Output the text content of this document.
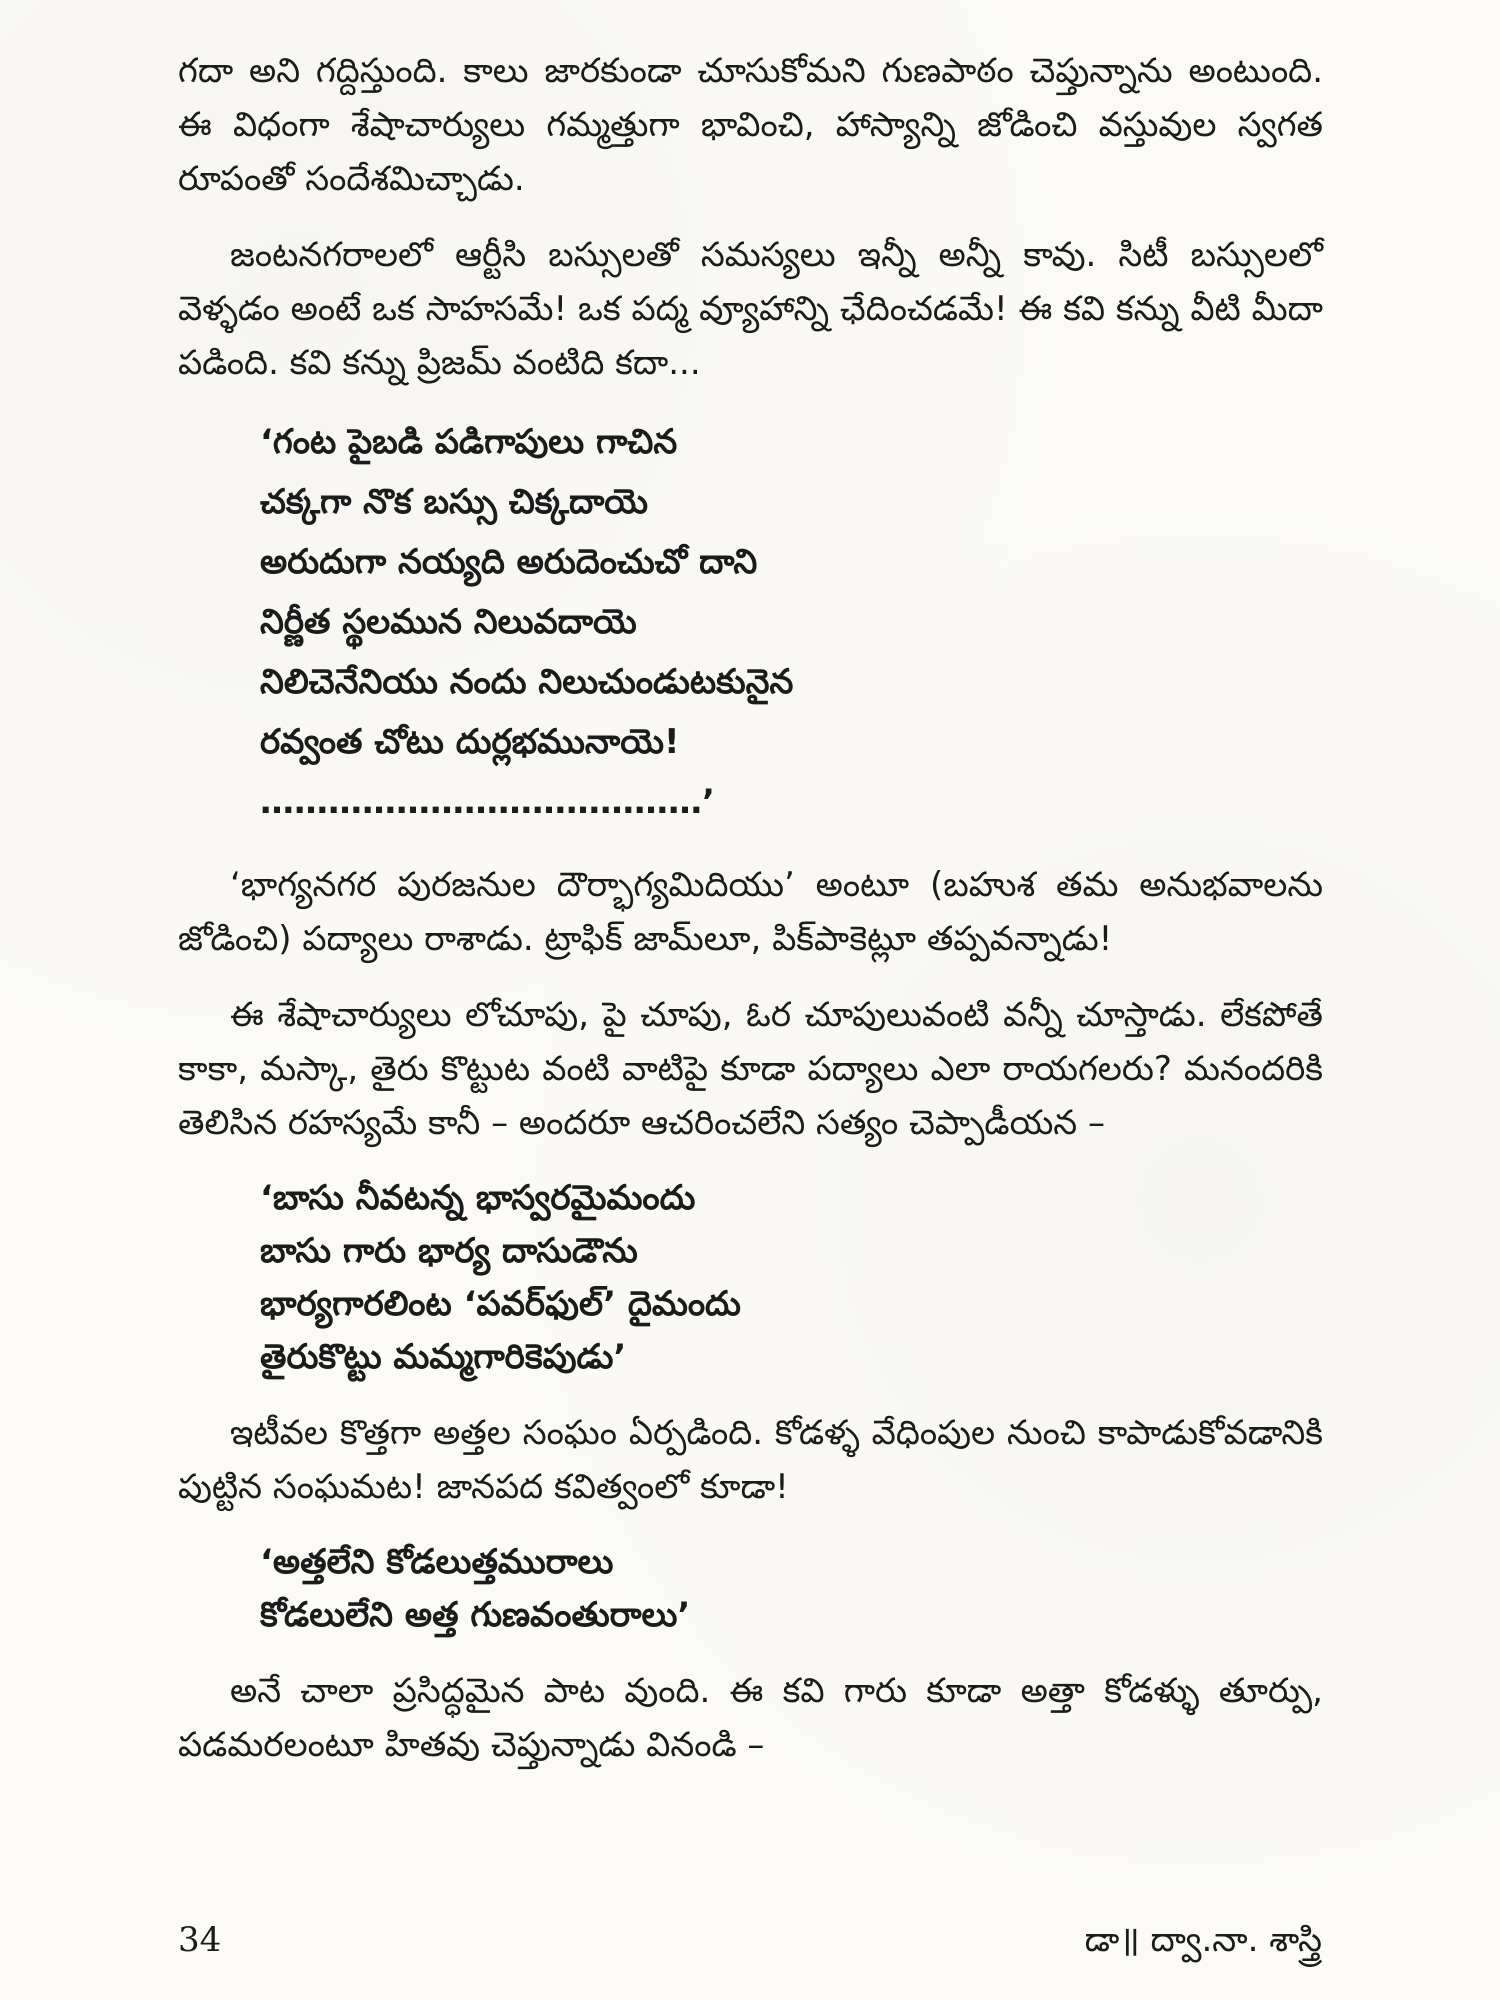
గదా అని గద్దిస్తుంది. కాలు జారకుండా చూసుకోమని గుణపాఠం చెప్తున్నాను అంటుంది. ఈ విధంగా శేషాచార్యులు గమ్మత్తుగా భావించి, హాస్యాన్ని జోడించి వస్తువుల స్వగత రూపంతో సందేశమిచ్చాడు.

జంటనగరాలలో ఆర్టీసి బస్సులతో సమస్యలు ఇన్నీ అన్నీ కావు. సిటీ బస్సులలో వెళ్ళడం అంటే ఒక సాహసమే! ఒక పద్మ వ్యూహాన్ని ఛేదించడమే! ఈ కవి కన్ను వీటి మీదా పడింది. కవి కన్ను ప్రిజమ్ వంటిది కదా...

‘గంట పైబడి పడిగాపులు గాచిన
చక్కగా నొక బస్సు చిక్కదాయె
అరుదుగా నయ్యది అరుదెంచుచో దాని
నిర్ణీత స్థలమున నిలువదాయె
నిలిచెనేనియు నందు నిలుచుండుటకునైన
రవ్వంత చోటు దుర్లభమునాయె!
…………………………………’

‘భాగ్యనగర పురజనుల దౌర్భాగ్యమిదియు’ అంటూ (బహుశ తమ అనుభవాలను జోడించి) పద్యాలు రాశాడు. ట్రాఫిక్ జామ్‌లూ, పిక్‌పాకెట్లూ తప్పవన్నాడు!

ఈ శేషాచార్యులు లోచూపు, పై చూపు, ఓర చూపులువంటి వన్నీ చూస్తాడు. లేకపోతే కాకా, మస్కా, తైరు కొట్టుట వంటి వాటిపై కూడా పద్యాలు ఎలా రాయగలరు? మనందరికి తెలిసిన రహస్యమే కానీ – అందరూ ఆచరించలేని సత్యం చెప్పాడీయన –

‘బాసు నీవటన్న భాస్వరమైమందు
బాసు గారు భార్య దాసుడౌను
భార్యగారలింట ‘పవర్‌ఫుల్’ దైమందు
తైరుకొట్టు మమ్మగారికెపుడు’

ఇటీవల కొత్తగా అత్తల సంఘం ఏర్పడింది. కోడళ్ళ వేధింపుల నుంచి కాపాడుకోవడానికి పుట్టిన సంఘమట! జానపద కవిత్వంలో కూడా!

‘అత్తలేని కోడలుత్తమురాలు
కోడలులేని అత్త గుణవంతురాలు’

అనే చాలా ప్రసిద్ధమైన పాట వుంది. ఈ కవి గారు కూడా అత్తా కోడళ్ళు తూర్పు, పడమరలంటూ హితవు చెప్తున్నాడు వినండి –

34	డా॥ ద్వా.నా. శాస్త్రి
